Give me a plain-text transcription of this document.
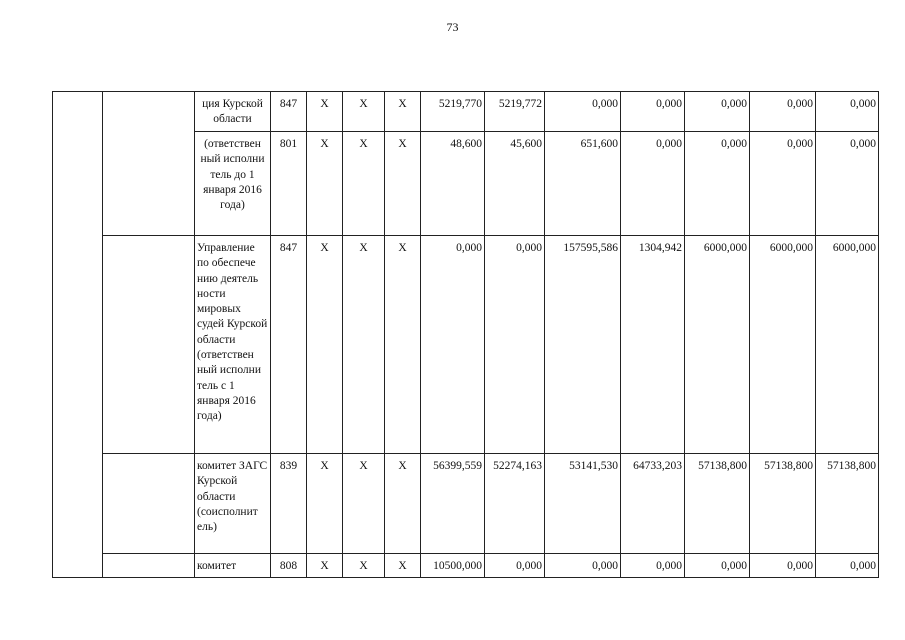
73
		ция Курской области	847	X	X	X	5219,770	5219,772	0,000	0,000	0,000	0,000	0,000
		(ответствен ный исполни тель до 1 января 2016 года)	801	X	X	X	48,600	45,600	651,600	0,000	0,000	0,000	0,000
		Управление по обеспече нию деятель ности мировых судей Курской области (ответствен ный исполни тель с 1 января 2016 года)	847	X	X	X	0,000	0,000	157595,586	1304,942	6000,000	6000,000	6000,000
		комитет ЗАГС Курской области (соисполнит ель)	839	X	X	X	56399,559	52274,163	53141,530	64733,203	57138,800	57138,800	57138,800
		комитет	808	X	X	X	10500,000	0,000	0,000	0,000	0,000	0,000	0,000
